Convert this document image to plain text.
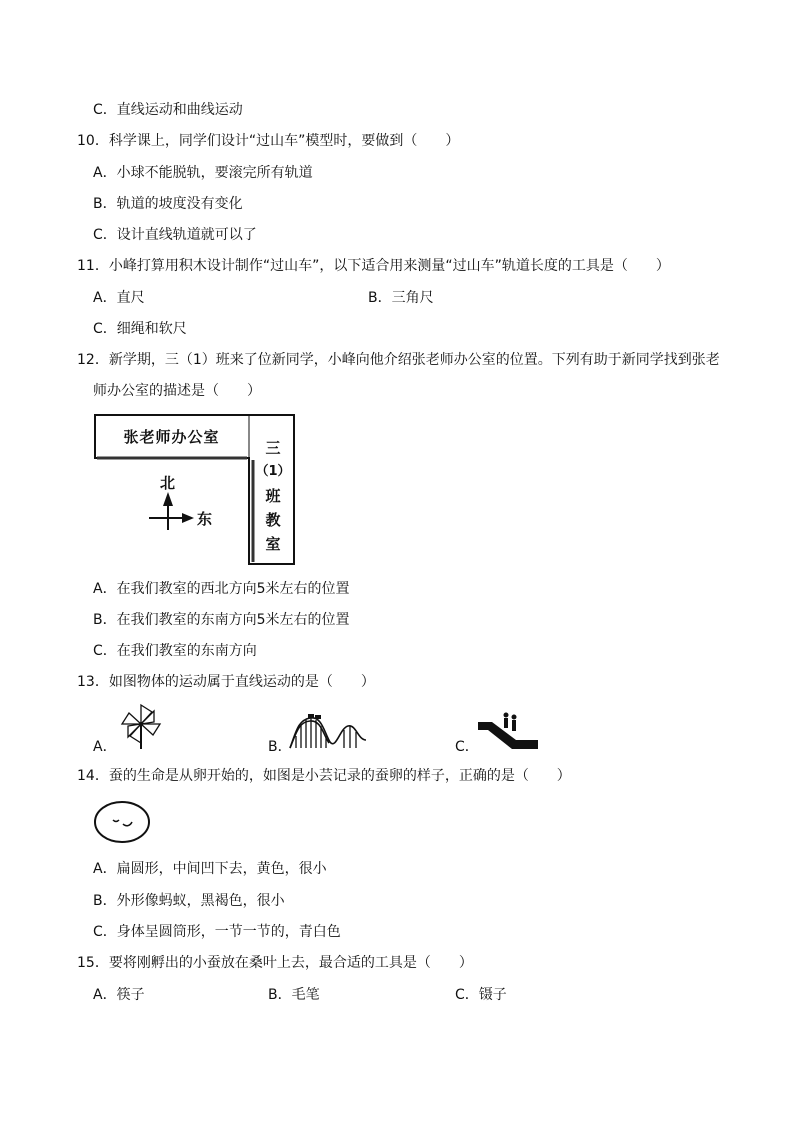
C．直线运动和曲线运动
10．科学课上，同学们设计“过山车”模型时，要做到（　　）
A．小球不能脱轨，要滚完所有轨道
B．轨道的坡度没有变化
C．设计直线轨道就可以了
11．小峰打算用积木设计制作“过山车”，以下适合用来测量“过山车”轨道长度的工具是（　　）
A．直尺	B．三角尺
C．细绳和软尺
12．新学期，三（1）班来了位新同学，小峰向他介绍张老师办公室的位置。下列有助于新同学找到张老
师办公室的描述是（　　）
张老师办公室
三
（1）
班
教
室
北
东
A．在我们教室的西北方向5米左右的位置
B．在我们教室的东南方向5米左右的位置
C．在我们教室的东南方向
13．如图物体的运动属于直线运动的是（　　）
A．	B．	C．
14．蚕的生命是从卵开始的，如图是小芸记录的蚕卵的样子，正确的是（　　）
A．扁圆形，中间凹下去，黄色，很小
B．外形像蚂蚁，黑褐色，很小
C．身体呈圆筒形，一节一节的，青白色
15．要将刚孵出的小蚕放在桑叶上去，最合适的工具是（　　）
A．筷子	B．毛笔	C．镊子
